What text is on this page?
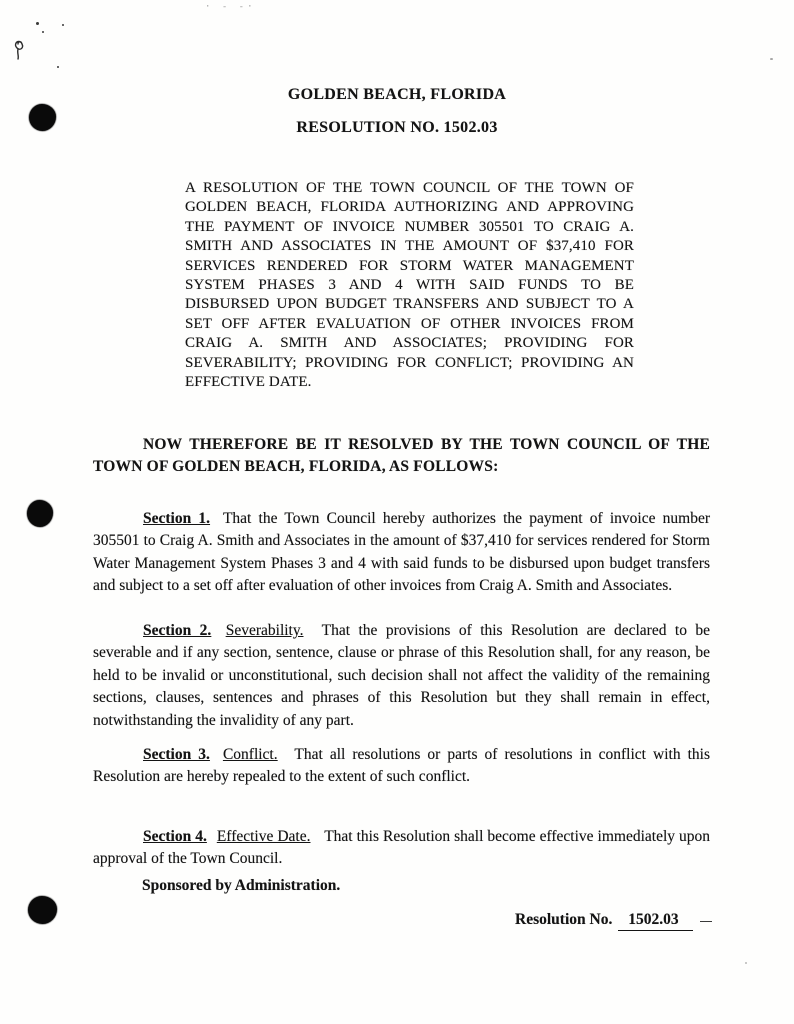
· - -·
GOLDEN BEACH, FLORIDA
RESOLUTION NO. 1502.03
A RESOLUTION OF THE TOWN COUNCIL OF THE TOWN OF GOLDEN BEACH, FLORIDA AUTHORIZING AND APPROVING THE PAYMENT OF INVOICE NUMBER 305501 TO CRAIG A. SMITH AND ASSOCIATES IN THE AMOUNT OF $37,410 FOR SERVICES RENDERED FOR STORM WATER MANAGEMENT SYSTEM PHASES 3 AND 4 WITH SAID FUNDS TO BE DISBURSED UPON BUDGET TRANSFERS AND SUBJECT TO A SET OFF AFTER EVALUATION OF OTHER INVOICES FROM CRAIG A. SMITH AND ASSOCIATES; PROVIDING FOR SEVERABILITY; PROVIDING FOR CONFLICT; PROVIDING AN EFFECTIVE DATE.
NOW THEREFORE BE IT RESOLVED BY THE TOWN COUNCIL OF THE TOWN OF GOLDEN BEACH, FLORIDA, AS FOLLOWS:

Section 1. That the Town Council hereby authorizes the payment of invoice number 305501 to Craig A. Smith and Associates in the amount of $37,410 for services rendered for Storm Water Management System Phases 3 and 4 with said funds to be disbursed upon budget transfers and subject to a set off after evaluation of other invoices from Craig A. Smith and Associates.

Section 2. Severability. That the provisions of this Resolution are declared to be severable and if any section, sentence, clause or phrase of this Resolution shall, for any reason, be held to be invalid or unconstitutional, such decision shall not affect the validity of the remaining sections, clauses, sentences and phrases of this Resolution but they shall remain in effect, notwithstanding the invalidity of any part.

Section 3. Conflict. That all resolutions or parts of resolutions in conflict with this Resolution are hereby repealed to the extent of such conflict.

Section 4. Effective Date. That this Resolution shall become effective immediately upon approval of the Town Council.

Sponsored by Administration.
Resolution No. 1502.03
